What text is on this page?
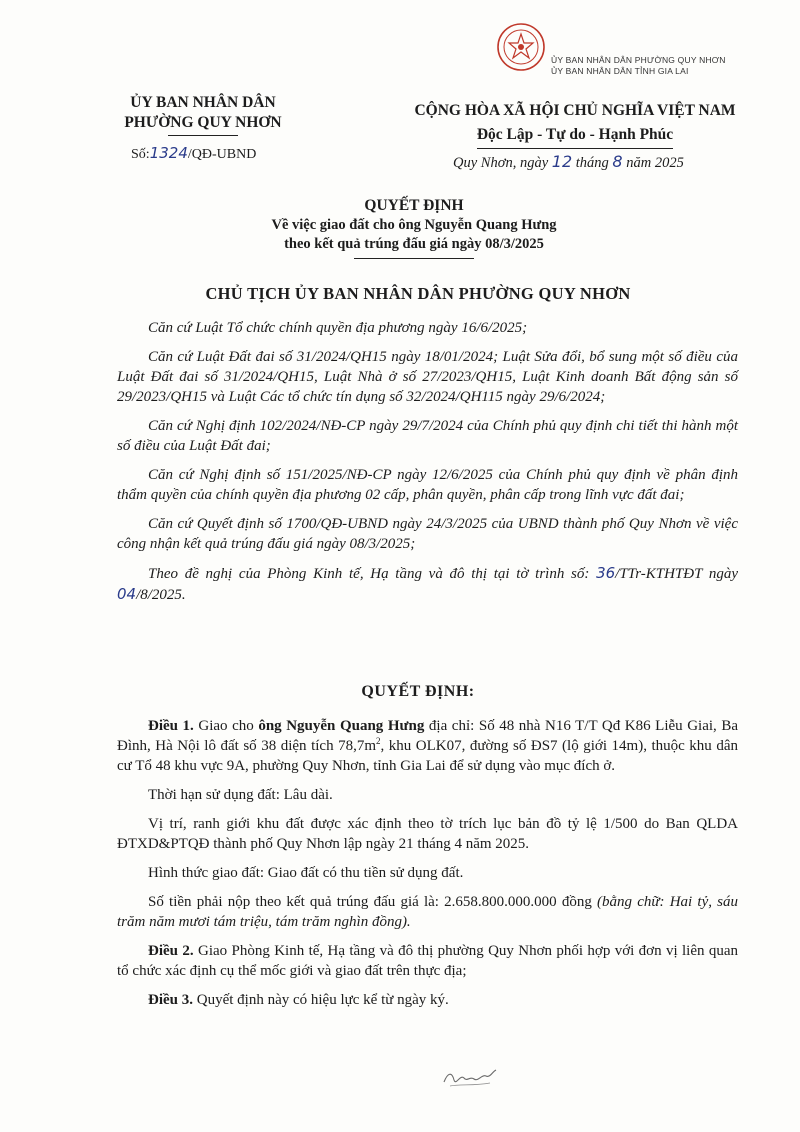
ỦY BAN NHÂN DÂN PHƯỜNG QUY NHƠN
ỦY BAN NHÂN DÂN TỈNH GIA LAI
ỦY BAN NHÂN DÂN
PHƯỜNG QUY NHƠN
CỘNG HÒA XÃ HỘI CHỦ NGHĨA VIỆT NAM
Độc Lập - Tự do - Hạnh Phúc
Số:1324/QĐ-UBND
Quy Nhơn, ngày 12 tháng 8 năm 2025
QUYẾT ĐỊNH
Về việc giao đất cho ông Nguyễn Quang Hưng
theo kết quả trúng đấu giá ngày 08/3/2025
CHỦ TỊCH ỦY BAN NHÂN DÂN PHƯỜNG QUY NHƠN

Căn cứ Luật Tổ chức chính quyền địa phương ngày 16/6/2025;

Căn cứ Luật Đất đai số 31/2024/QH15 ngày 18/01/2024; Luật Sửa đổi, bổ sung một số điều của Luật Đất đai số 31/2024/QH15, Luật Nhà ở số 27/2023/QH15, Luật Kinh doanh Bất động sản số 29/2023/QH15 và Luật Các tổ chức tín dụng số 32/2024/QH115 ngày 29/6/2024;

Căn cứ Nghị định 102/2024/NĐ-CP ngày 29/7/2024 của Chính phủ quy định chi tiết thi hành một số điều của Luật Đất đai;

Căn cứ Nghị định số 151/2025/NĐ-CP ngày 12/6/2025 của Chính phủ quy định về phân định thẩm quyền của chính quyền địa phương 02 cấp, phân quyền, phân cấp trong lĩnh vực đất đai;

Căn cứ Quyết định số 1700/QĐ-UBND ngày 24/3/2025 của UBND thành phố Quy Nhơn về việc công nhận kết quả trúng đấu giá ngày 08/3/2025;

Theo đề nghị của Phòng Kinh tế, Hạ tầng và đô thị tại tờ trình số: 36/TTr-KTHTĐT ngày 04/8/2025.

QUYẾT ĐỊNH:

Điều 1. Giao cho ông Nguyễn Quang Hưng địa chỉ: Số 48 nhà N16 T/T Qđ K86 Liễu Giai, Ba Đình, Hà Nội lô đất số 38 diện tích $78,7m^2$, khu OLK07, đường số ĐS7 (lộ giới 14m), thuộc khu dân cư Tổ 48 khu vực 9A, phường Quy Nhơn, tỉnh Gia Lai để sử dụng vào mục đích ở.

Thời hạn sử dụng đất: Lâu dài.

Vị trí, ranh giới khu đất được xác định theo tờ trích lục bản đồ tỷ lệ 1/500 do Ban QLDA ĐTXD&PTQĐ thành phố Quy Nhơn lập ngày 21 tháng 4 năm 2025.

Hình thức giao đất: Giao đất có thu tiền sử dụng đất.

Số tiền phải nộp theo kết quả trúng đấu giá là: 2.658.800.000.000 đồng (bằng chữ: Hai tỷ, sáu trăm năm mươi tám triệu, tám trăm nghìn đồng).

Điều 2. Giao Phòng Kinh tế, Hạ tầng và đô thị phường Quy Nhơn phối hợp với đơn vị liên quan tổ chức xác định cụ thể mốc giới và giao đất trên thực địa;

Điều 3. Quyết định này có hiệu lực kể từ ngày ký.
